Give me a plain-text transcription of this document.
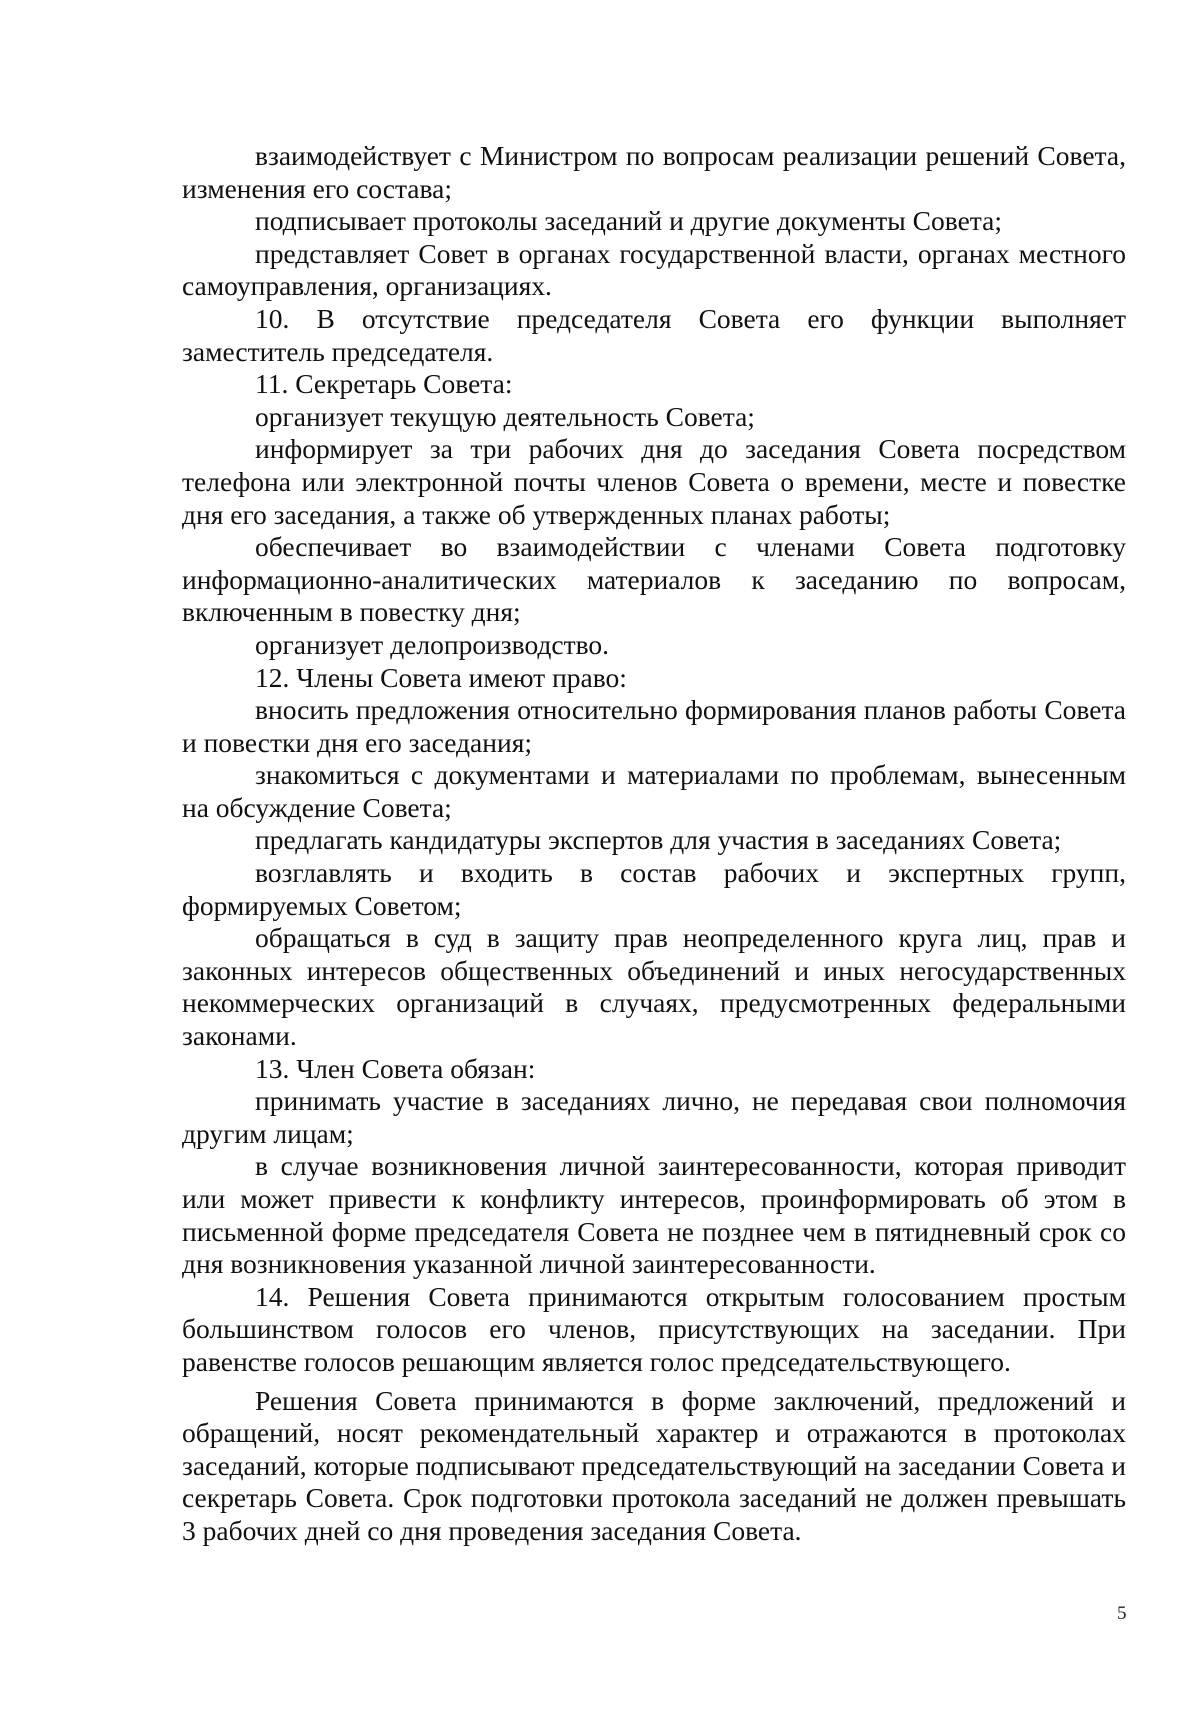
взаимодействует с Министром по вопросам реализации решений Совета, изменения его состава;

подписывает протоколы заседаний и другие документы Совета;

представляет Совет в органах государственной власти, органах местного самоуправления, организациях.

10. В отсутствие председателя Совета его функции выполняет заместитель председателя.

11. Секретарь Совета:

организует текущую деятельность Совета;

информирует за три рабочих дня до заседания Совета посредством телефона или электронной почты членов Совета о времени, месте и повестке дня его заседания, а также об утвержденных планах работы;

обеспечивает во взаимодействии с членами Совета подготовку информационно-аналитических материалов к заседанию по вопросам, включенным в повестку дня;

организует делопроизводство.

12. Члены Совета имеют право:

вносить предложения относительно формирования планов работы Совета и повестки дня его заседания;

знакомиться с документами и материалами по проблемам, вынесенным на обсуждение Совета;

предлагать кандидатуры экспертов для участия в заседаниях Совета;

возглавлять и входить в состав рабочих и экспертных групп, формируемых Советом;

обращаться в суд в защиту прав неопределенного круга лиц, прав и законных интересов общественных объединений и иных негосударственных некоммерческих организаций в случаях, предусмотренных федеральными законами.

13. Член Совета обязан:

принимать участие в заседаниях лично, не передавая свои полномочия другим лицам;

в случае возникновения личной заинтересованности, которая приводит или может привести к конфликту интересов, проинформировать об этом в письменной форме председателя Совета не позднее чем в пятидневный срок со дня возникновения указанной личной заинтересованности.

14. Решения Совета принимаются открытым голосованием простым большинством голосов его членов, присутствующих на заседании. При равенстве голосов решающим является голос председательствующего.

Решения Совета принимаются в форме заключений, предложений и обращений, носят рекомендательный характер и отражаются в протоколах заседаний, которые подписывают председательствующий на заседании Совета и секретарь Совета. Срок подготовки протокола заседаний не должен превышать 3 рабочих дней со дня проведения заседания Совета.

5
